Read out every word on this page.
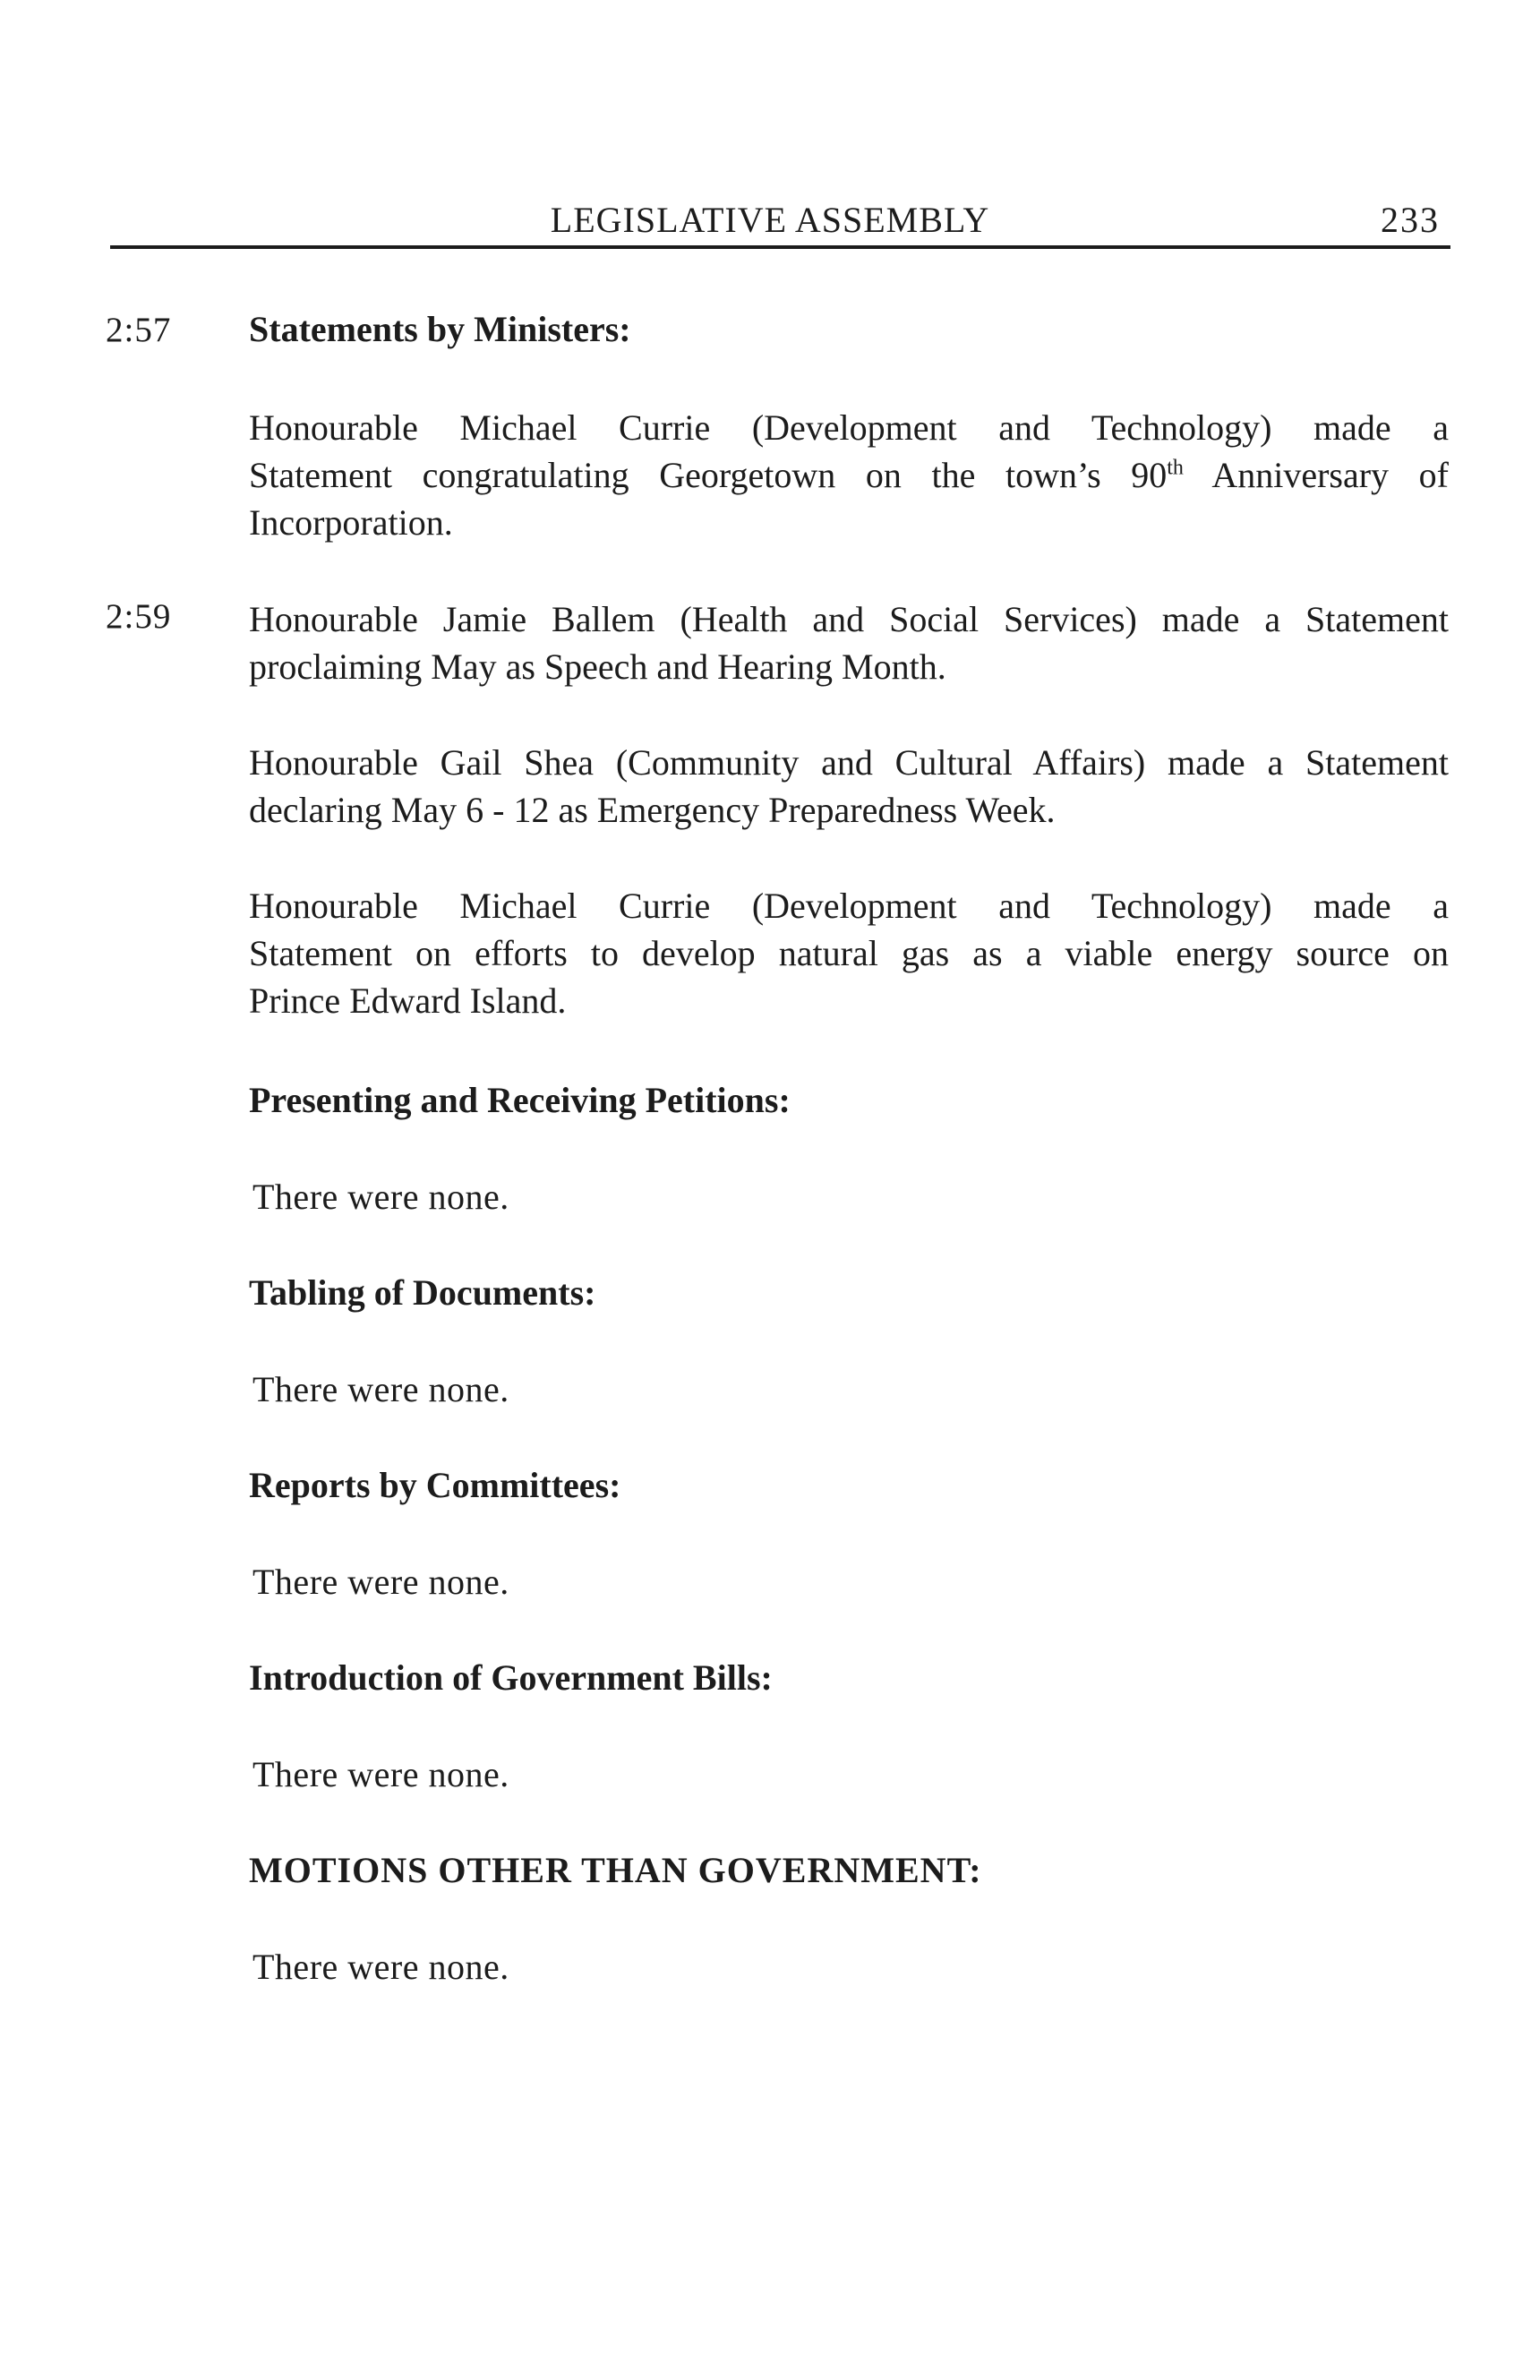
LEGISLATIVE ASSEMBLY	233
2:57 Statements by Ministers:
Honourable Michael Currie (Development and Technology) made a
Statement congratulating Georgetown on the town’s 90th Anniversary of
Incorporation.
2:59 Honourable Jamie Ballem (Health and Social Services) made a Statement
proclaiming May as Speech and Hearing Month.
Honourable Gail Shea (Community and Cultural Affairs) made a Statement
declaring May 6 - 12 as Emergency Preparedness Week.
Honourable Michael Currie (Development and Technology) made a
Statement on efforts to develop natural gas as a viable energy source on
Prince Edward Island.
Presenting and Receiving Petitions:
There were none.
Tabling of Documents:
There were none.
Reports by Committees:
There were none.
Introduction of Government Bills:
There were none.
MOTIONS OTHER THAN GOVERNMENT:
There were none.
